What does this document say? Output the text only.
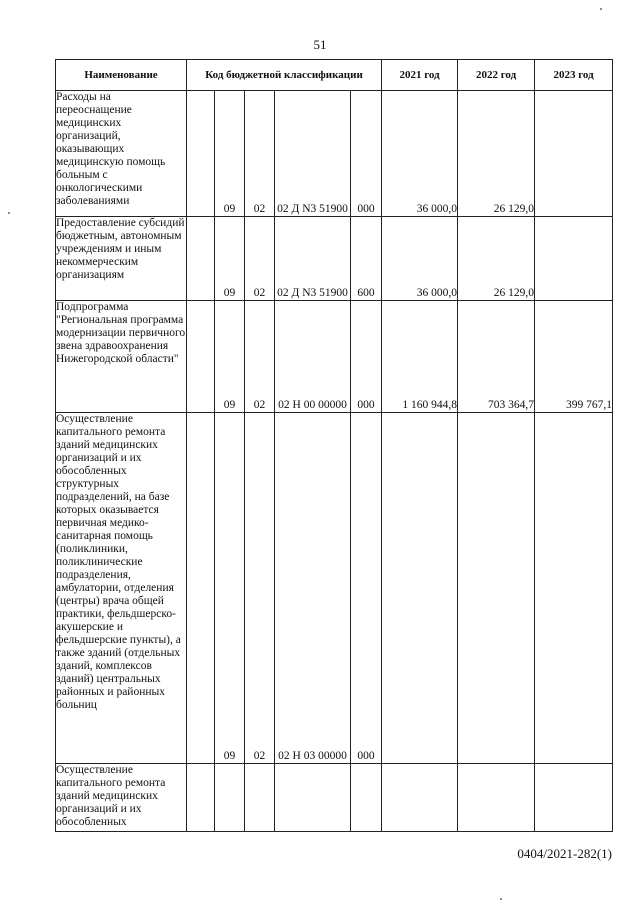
51
Наименование	Код бюджетной классификации					2021 год	2022 год	2023 год
Расходы на переоснащение медицинских организаций, оказывающих медицинскую помощь больным с онкологическими заболеваниями		09	02	02 Д N3 51900	000	36 000,0	26 129,0	
Предоставление субсидий бюджетным, автономным учреждениям и иным некоммерческим организациям		09	02	02 Д N3 51900	600	36 000,0	26 129,0	
Подпрограмма "Региональная программа модернизации первичного звена здравоохранения Нижегородской области"		09	02	02 Н 00 00000	000	1 160 944,8	703 364,7	399 767,1
Осуществление капитального ремонта зданий медицинских организаций и их обособленных структурных подразделений, на базе которых оказывается первичная медико-санитарная помощь (поликлиники, поликлинические подразделения, амбулатории, отделения (центры) врача общей практики, фельдшерско-акушерские и фельдшерские пункты), а также зданий (отдельных зданий, комплексов зданий) центральных районных и районных больниц		09	02	02 Н 03 00000	000			
Осуществление капитального ремонта зданий медицинских организаций и их обособленных								
0404/2021-282(1)
